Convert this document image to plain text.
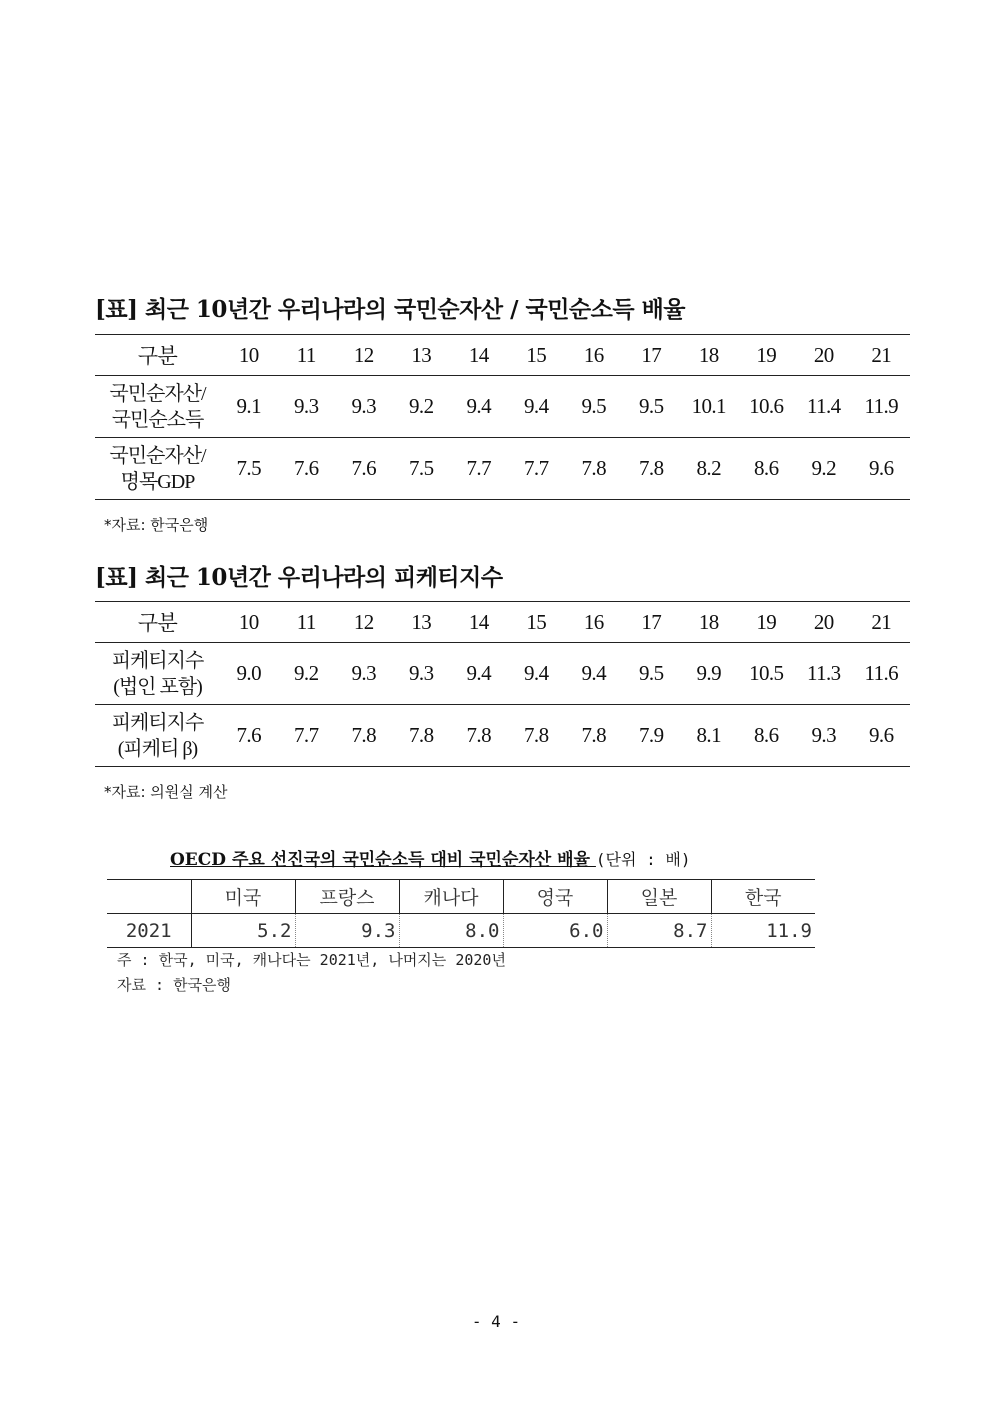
[표] 최근 10년간 우리나라의 국민순자산 / 국민순소득 배율
구분	10	11	12	13	14	15	16	17	18	19	20	21

국민순자산/
국민순소득	9.1	9.3	9.3	9.2	9.4	9.4	9.5	9.5	10.1	10.6	11.4	11.9

국민순자산/
명목GDP	7.5	7.6	7.6	7.5	7.7	7.7	7.8	7.8	8.2	8.6	9.2	9.6

*자료: 한국은행

[표] 최근 10년간 우리나라의 피케티지수
구분	10	11	12	13	14	15	16	17	18	19	20	21

피케티지수
(법인 포함)	9.0	9.2	9.3	9.3	9.4	9.4	9.4	9.5	9.9	10.5	11.3	11.6

피케티지수
(피케티 β)	7.6	7.7	7.8	7.8	7.8	7.8	7.8	7.9	8.1	8.6	9.3	9.6

*자료: 의원실 계산

OECD 주요 선진국의 국민순소득 대비 국민순자산 배율 (단위 : 배)
	미국	프랑스	캐나다	영국	일본	한국
2021	5.2	9.3	8.0	6.0	8.7	11.9

주 : 한국, 미국, 캐나다는 2021년, 나머지는 2020년

자료 : 한국은행

- 4 -
